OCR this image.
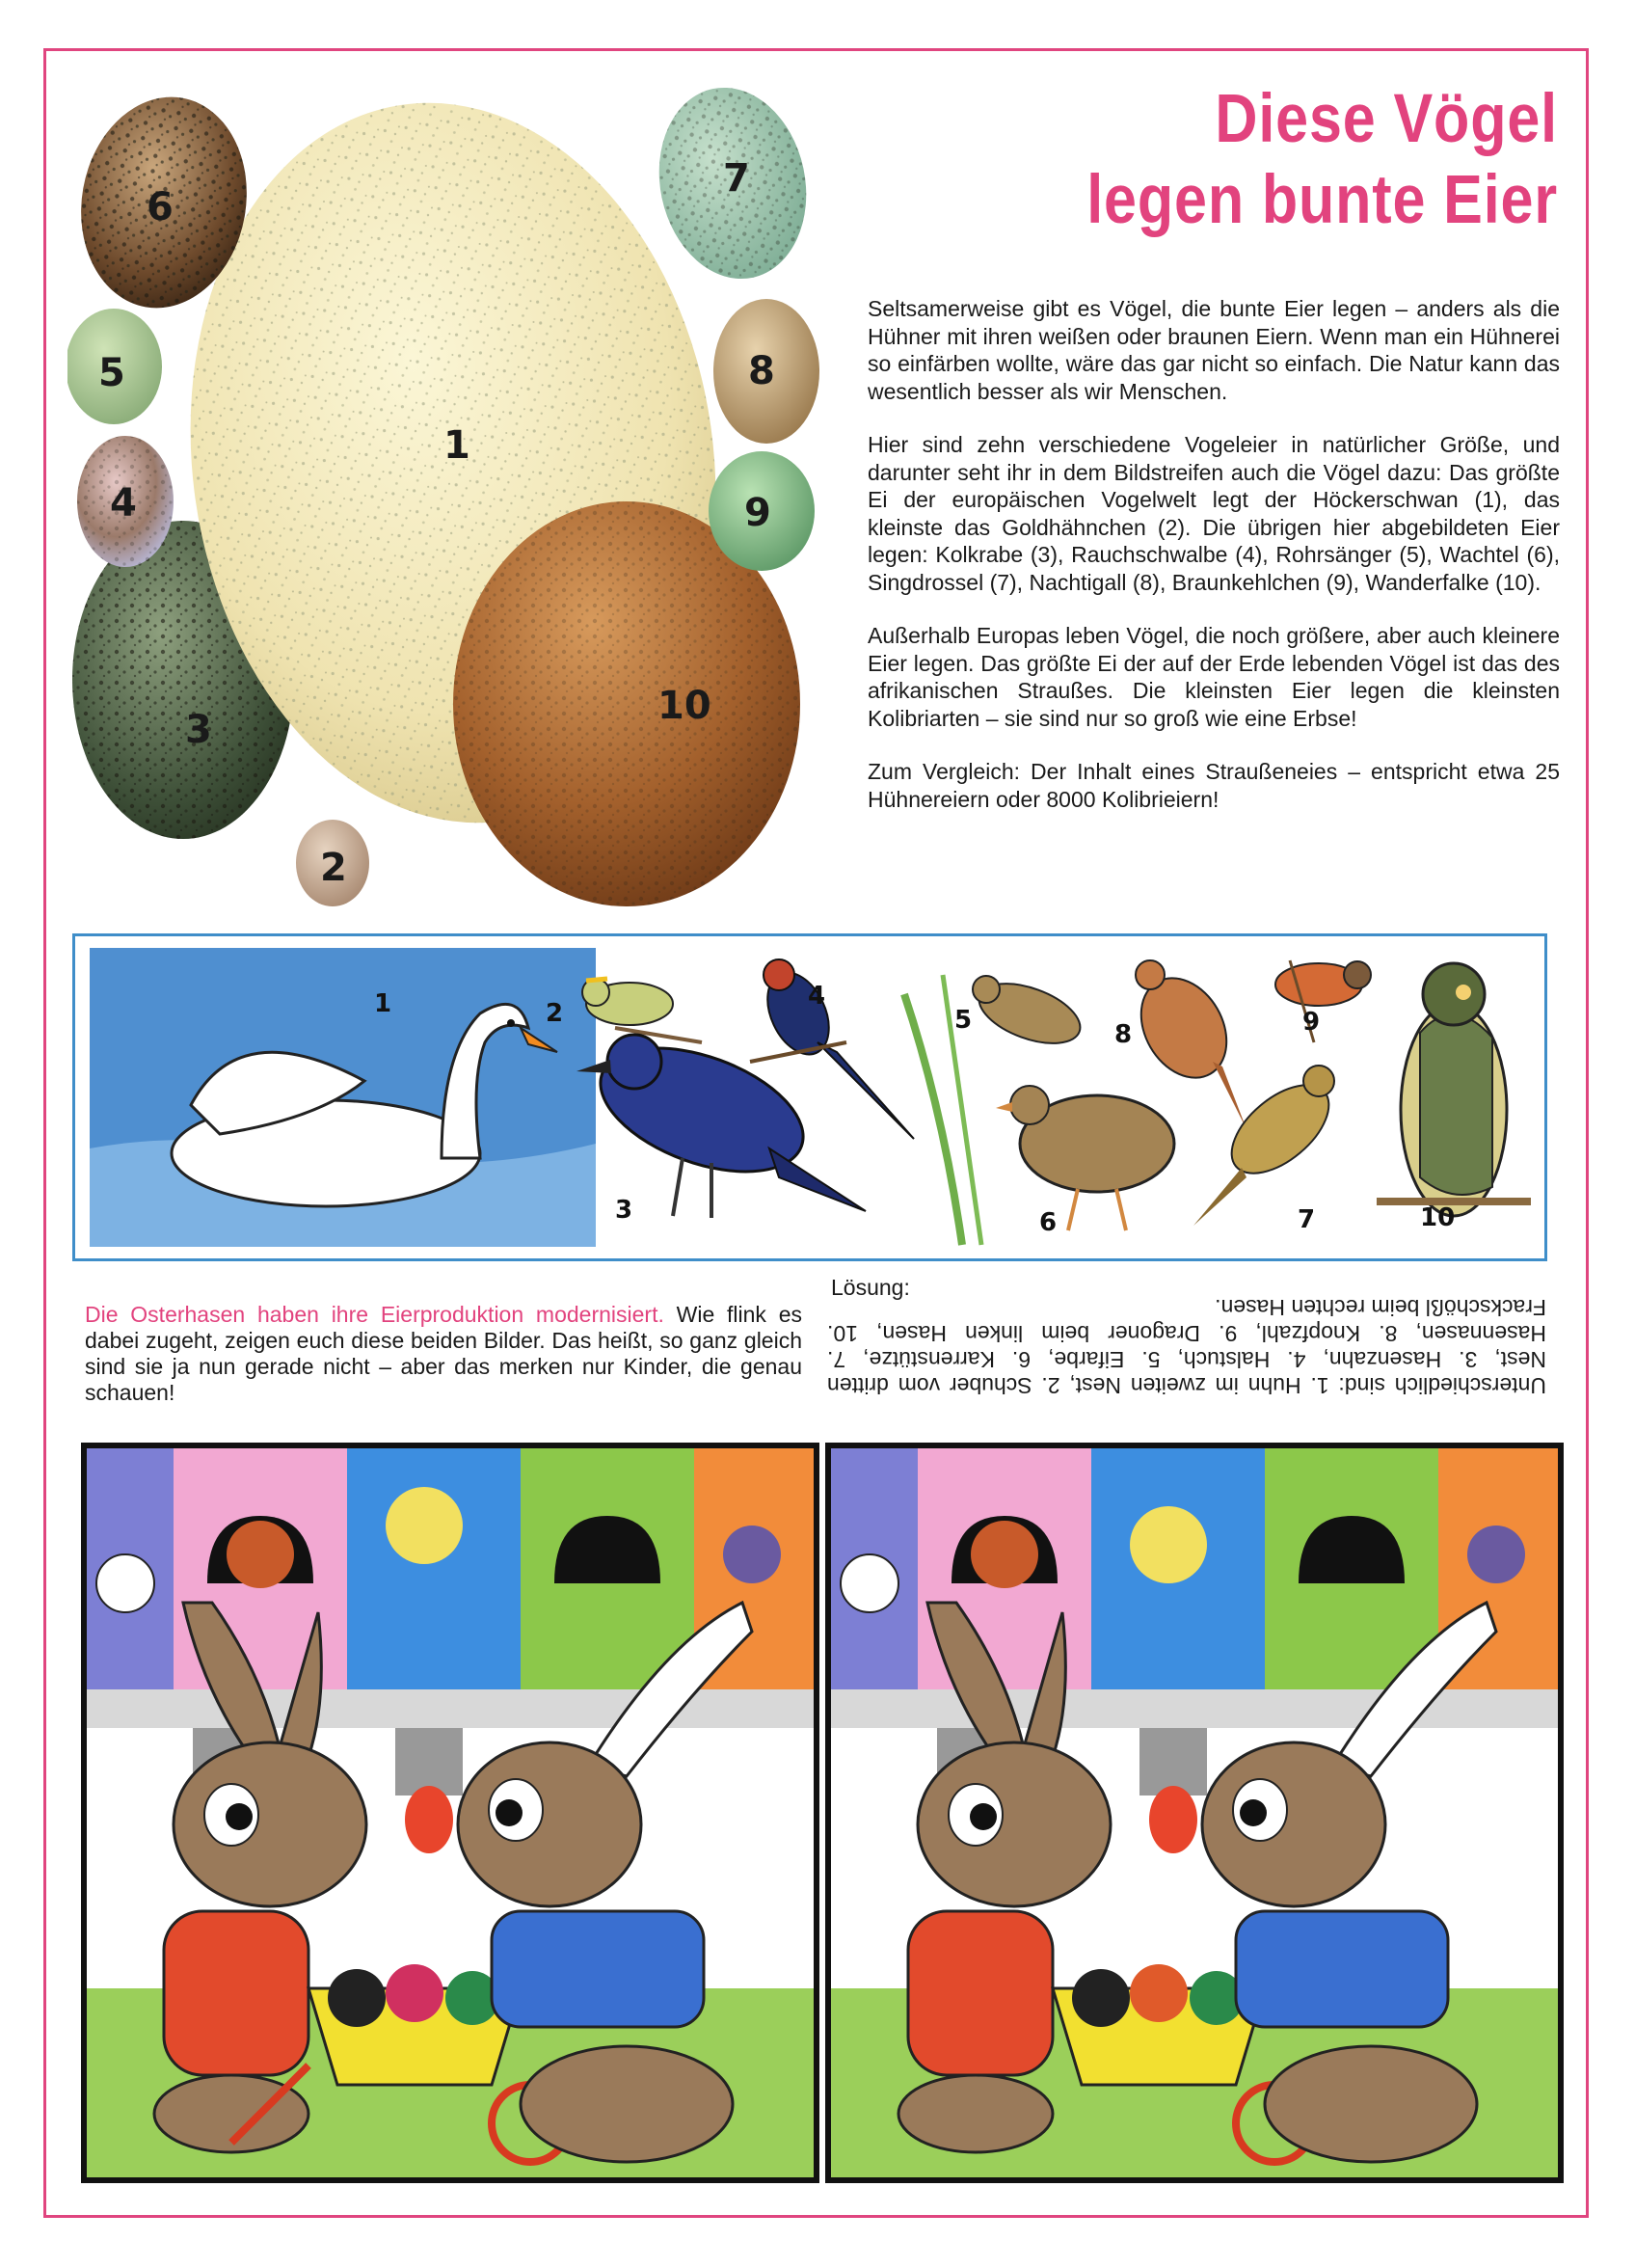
1
2
3
4
5
6
7
8
9
10
Diese Vögel
legen bunte Eier

Seltsamerweise gibt es Vögel, die bunte Eier legen – anders als die Hühner mit ihren weißen oder braunen Eiern. Wenn man ein Hühnerei so einfärben wollte, wäre das gar nicht so einfach. Die Natur kann das wesentlich besser als wir Menschen.

Hier sind zehn verschiedene Vogeleier in natürlicher Größe, und darunter seht ihr in dem Bildstreifen auch die Vögel dazu: Das größte Ei der europäischen Vogelwelt legt der Höckerschwan (1), das kleinste das Goldhähnchen (2). Die übrigen hier abgebildeten Eier legen: Kolkrabe (3), Rauchschwalbe (4), Rohrsänger (5), Wachtel (6), Singdrossel (7), Nachtigall (8), Braunkehlchen (9), Wanderfalke (10).

Außerhalb Europas leben Vögel, die noch größere, aber auch kleinere Eier legen. Das größte Ei der auf der Erde lebenden Vögel ist das des afrikanischen Straußes. Die kleinsten Eier legen die kleinsten Kolibriarten – sie sind nur so groß wie eine Erbse!

Zum Vergleich: Der Inhalt eines Straußeneies – entspricht etwa 25 Hühnereiern oder 8000 Kolibrieiern!

1	2
3
4
5
6	7
8	9
10
Die Osterhasen haben ihre Eierproduktion modernisiert. Wie flink es dabei zugeht, zeigen euch diese beiden Bilder. Das heißt, so ganz gleich sind sie ja nun gerade nicht – aber das merken nur Kinder, die genau schauen!
Lösung:

Unterschiedlich sind: 1. Huhn im zweiten Nest, 2. Schuber vom dritten Nest, 3. Hasenzahn, 4. Halstuch, 5. Eifarbe, 6. Karrenstütze, 7. Hasennasen, 8. Knopfzahl, 9. Dragoner beim linken Hasen, 10. Frackschößl beim rechten Hasen.
